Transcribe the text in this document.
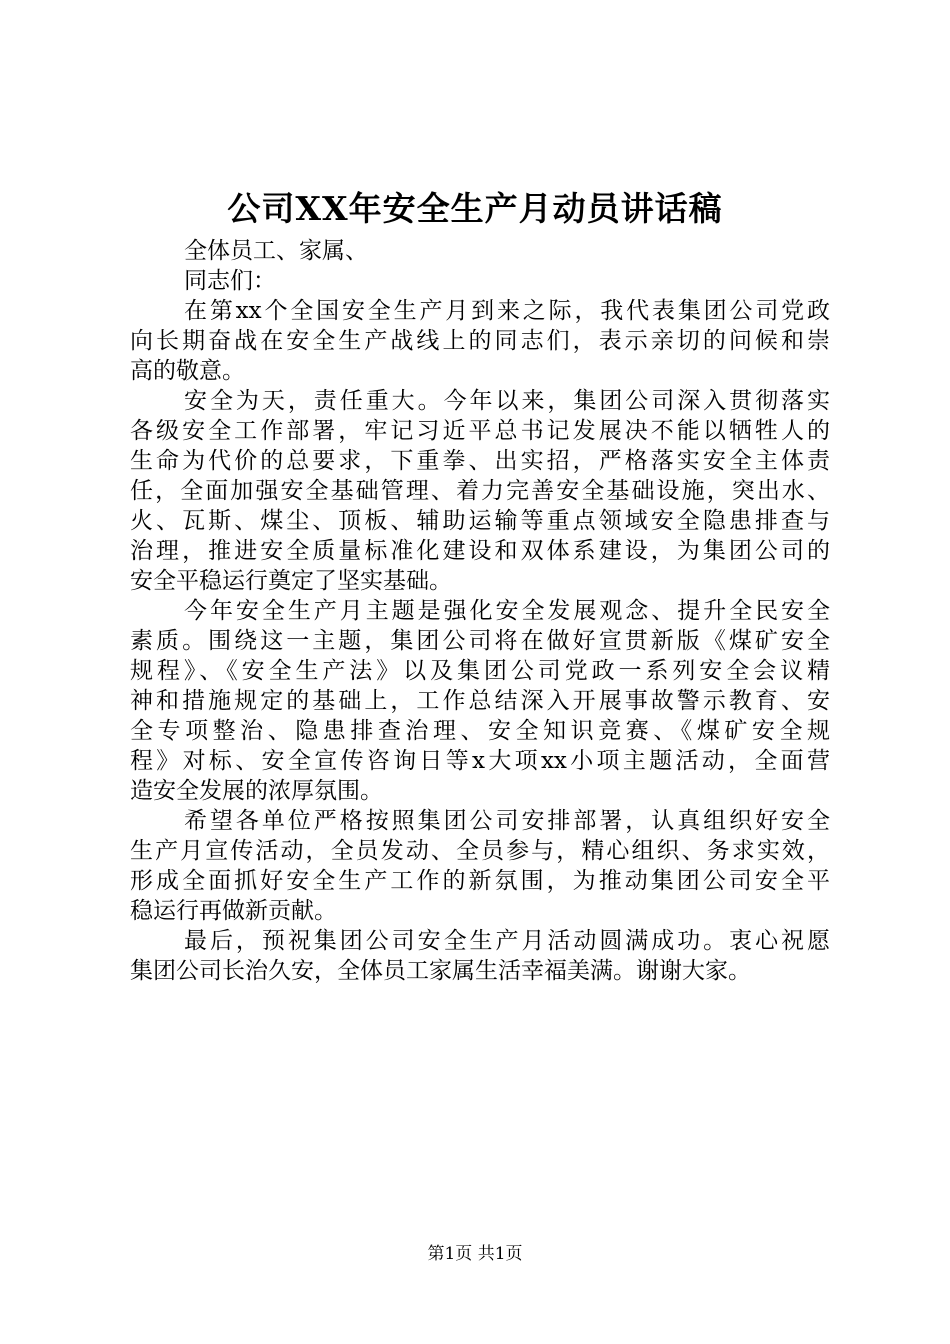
公司XX年安全生产月动员讲话稿
全体员工、家属、
同志们：
在第xx个全国安全生产月到来之际，我代表集团公司党政
向长期奋战在安全生产战线上的同志们，表示亲切的问候和崇
高的敬意。
安全为天，责任重大。今年以来，集团公司深入贯彻落实
各级安全工作部署，牢记习近平总书记发展决不能以牺牲人的
生命为代价的总要求，下重拳、出实招，严格落实安全主体责
任，全面加强安全基础管理、着力完善安全基础设施，突出水、
火、瓦斯、煤尘、顶板、辅助运输等重点领域安全隐患排查与
治理，推进安全质量标准化建设和双体系建设，为集团公司的
安全平稳运行奠定了坚实基础。
今年安全生产月主题是强化安全发展观念、提升全民安全
素质。围绕这一主题，集团公司将在做好宣贯新版《煤矿安全
规程》、《安全生产法》以及集团公司党政一系列安全会议精
神和措施规定的基础上，工作总结深入开展事故警示教育、安
全专项整治、隐患排查治理、安全知识竞赛、《煤矿安全规
程》对标、安全宣传咨询日等x大项xx小项主题活动，全面营
造安全发展的浓厚氛围。
希望各单位严格按照集团公司安排部署，认真组织好安全
生产月宣传活动，全员发动、全员参与，精心组织、务求实效，
形成全面抓好安全生产工作的新氛围，为推动集团公司安全平
稳运行再做新贡献。
最后，预祝集团公司安全生产月活动圆满成功。衷心祝愿
集团公司长治久安，全体员工家属生活幸福美满。谢谢大家。
第1页 共1页
